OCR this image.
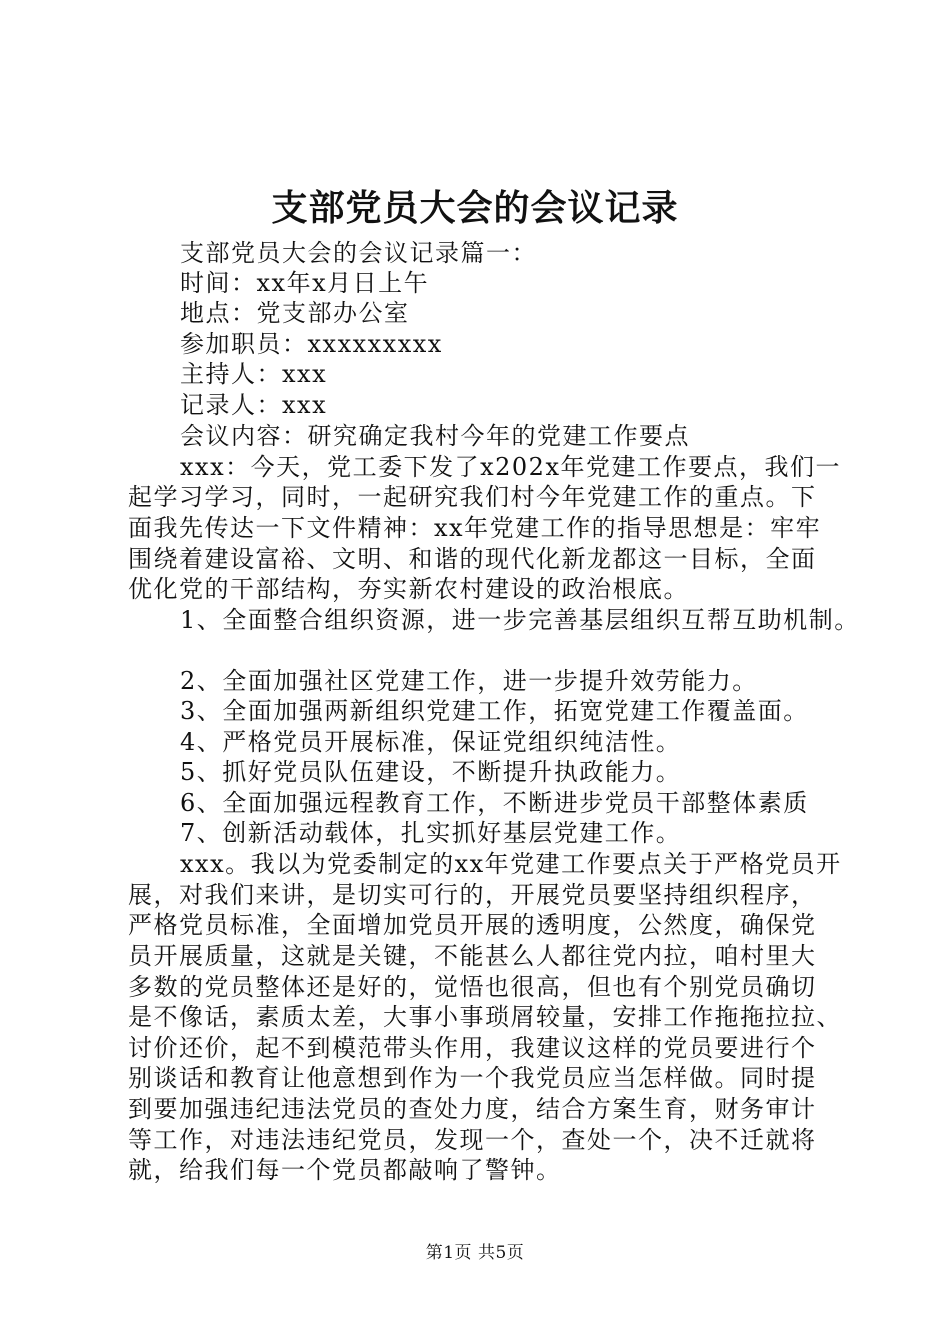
支部党员大会的会议记录
支部党员大会的会议记录篇一：
时间：xx年x月日上午
地点：党支部办公室
参加职员：xxxxxxxxx
主持人：xxx
记录人：xxx
会议内容：研究确定我村今年的党建工作要点
xxx：今天，党工委下发了x202x年党建工作要点，我们一
起学习学习，同时，一起研究我们村今年党建工作的重点。下
面我先传达一下文件精神：xx年党建工作的指导思想是：牢牢
围绕着建设富裕、文明、和谐的现代化新龙都这一目标，全面
优化党的干部结构，夯实新农村建设的政治根底。
1、全面整合组织资源，进一步完善基层组织互帮互助机制。
2、全面加强社区党建工作，进一步提升效劳能力。
3、全面加强两新组织党建工作，拓宽党建工作覆盖面。
4、严格党员开展标准，保证党组织纯洁性。
5、抓好党员队伍建设，不断提升执政能力。
6、全面加强远程教育工作，不断进步党员干部整体素质
7、创新活动载体，扎实抓好基层党建工作。
xxx。我以为党委制定的xx年党建工作要点关于严格党员开
展，对我们来讲，是切实可行的，开展党员要坚持组织程序，
严格党员标准，全面增加党员开展的透明度，公然度，确保党
员开展质量，这就是关键，不能甚么人都往党内拉，咱村里大
多数的党员整体还是好的，觉悟也很高，但也有个别党员确切
是不像话，素质太差，大事小事琐屑较量，安排工作拖拖拉拉、
讨价还价，起不到模范带头作用，我建议这样的党员要进行个
别谈话和教育让他意想到作为一个我党员应当怎样做。同时提
到要加强违纪违法党员的查处力度，结合方案生育，财务审计
等工作，对违法违纪党员，发现一个，查处一个，决不迁就将
就，给我们每一个党员都敲响了警钟。
第1页 共5页
